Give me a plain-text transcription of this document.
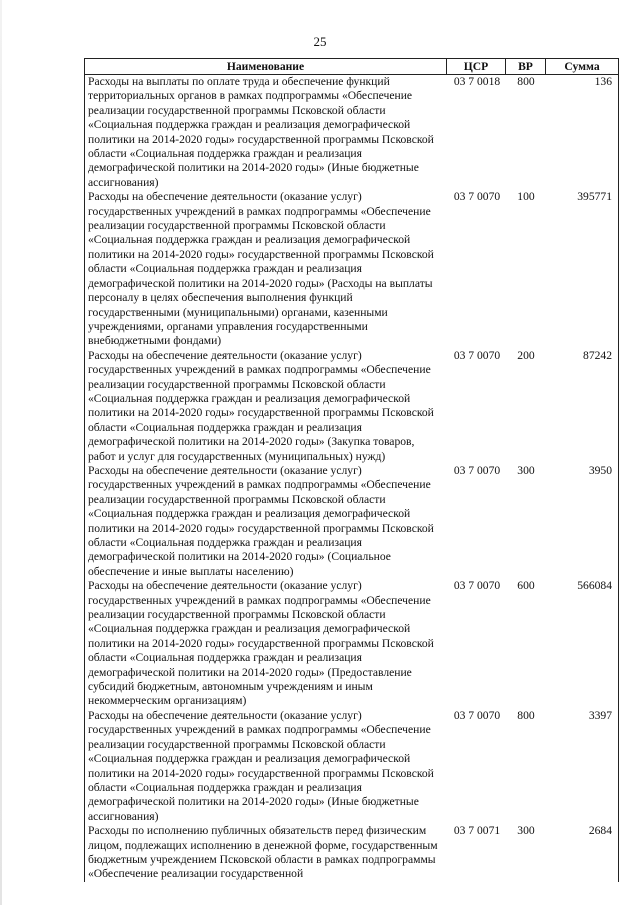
25
Наименование	ЦСР	ВР	Сумма
Расходы на выплаты по оплате труда и обеспечение функций территориальных органов в рамках подпрограммы «Обеспечение реализации государственной программы Псковской области «Социальная поддержка граждан и реализация демографической политики на 2014-2020 годы» государственной программы Псковской области «Социальная поддержка граждан и реализация демографической политики на 2014-2020 годы» (Иные бюджетные ассигнования)	03 7 0018	800	136
Расходы на обеспечение деятельности (оказание услуг) государственных учреждений в рамках подпрограммы «Обеспечение реализации государственной программы Псковской области «Социальная поддержка граждан и реализация демографической политики на 2014-2020 годы» государственной программы Псковской области «Социальная поддержка граждан и реализация демографической политики на 2014-2020 годы» (Расходы на выплаты персоналу в целях обеспечения выполнения функций государственными (муниципальными) органами, казенными учреждениями, органами управления государственными внебюджетными фондами)	03 7 0070	100	395771
Расходы на обеспечение деятельности (оказание услуг) государственных учреждений в рамках подпрограммы «Обеспечение реализации государственной программы Псковской области «Социальная поддержка граждан и реализация демографической политики на 2014-2020 годы» государственной программы Псковской области «Социальная поддержка граждан и реализация демографической политики на 2014-2020 годы» (Закупка товаров, работ и услуг для государственных (муниципальных) нужд)	03 7 0070	200	87242
Расходы на обеспечение деятельности (оказание услуг) государственных учреждений в рамках подпрограммы «Обеспечение реализации государственной программы Псковской области «Социальная поддержка граждан и реализация демографической политики на 2014-2020 годы» государственной программы Псковской области «Социальная поддержка граждан и реализация демографической политики на 2014-2020 годы» (Социальное обеспечение и иные выплаты населению)	03 7 0070	300	3950
Расходы на обеспечение деятельности (оказание услуг) государственных учреждений в рамках подпрограммы «Обеспечение реализации государственной программы Псковской области «Социальная поддержка граждан и реализация демографической политики на 2014-2020 годы» государственной программы Псковской области «Социальная поддержка граждан и реализация демографической политики на 2014-2020 годы» (Предоставление субсидий бюджетным, автономным учреждениям и иным некоммерческим организациям)	03 7 0070	600	566084
Расходы на обеспечение деятельности (оказание услуг) государственных учреждений в рамках подпрограммы «Обеспечение реализации государственной программы Псковской области «Социальная поддержка граждан и реализация демографической политики на 2014-2020 годы» государственной программы Псковской области «Социальная поддержка граждан и реализация демографической политики на 2014-2020 годы» (Иные бюджетные ассигнования)	03 7 0070	800	3397
Расходы по исполнению публичных обязательств перед физическим лицом, подлежащих исполнению в денежной форме, государственным бюджетным учреждением Псковской области в рамках подпрограммы «Обеспечение реализации государственной	03 7 0071	300	2684
